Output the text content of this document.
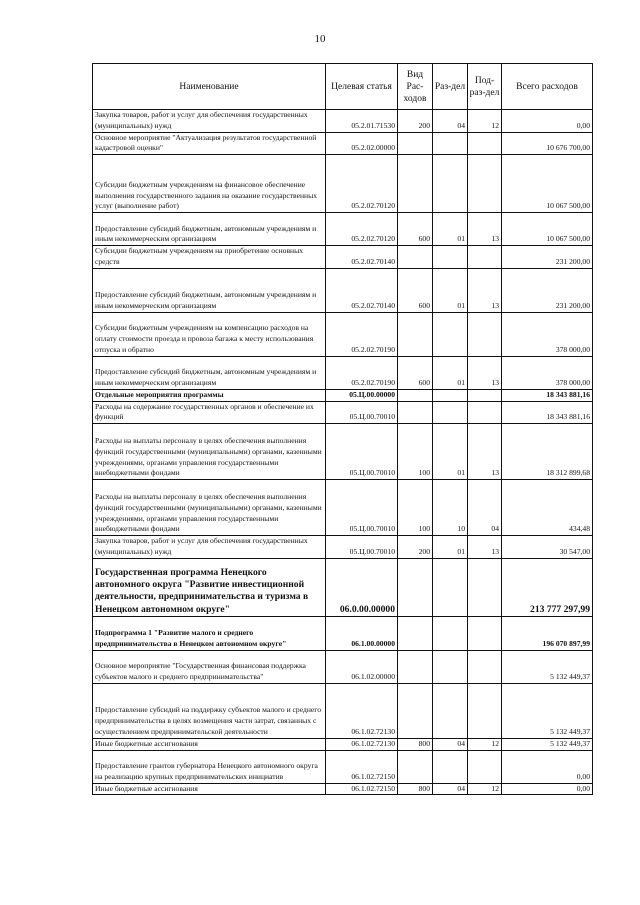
10
Наименование	Целевая статья	Вид Рас-ходов	Раз-дел	Под-раз-дел	Всего расходов
Закупка товаров, работ и услуг для обеспечения государственных (муниципальных) нужд	05.2.01.71530	200	04	12	0,00
Основное мероприятие "Актуализация результатов государственной кадастровой оценки"	05.2.02.00000				10 676 700,00
Субсидии бюджетным учреждениям на финансовое обеспечение выполнения государственного задания на оказание государственных услуг (выполнение работ)	05.2.02.70120				10 067 500,00
Предоставление субсидий бюджетным, автономным учреждениям и иным некоммерческим организациям	05.2.02.70120	600	01	13	10 067 500,00
Субсидии бюджетным учреждениям на приобретение основных средств	05.2.02.70140				231 200,00
Предоставление субсидий бюджетным, автономным учреждениям и иным некоммерческим организациям	05.2.02.70140	600	01	13	231 200,00
Субсидии бюджетным учреждениям на компенсацию расходов на оплату стоимости проезда и провоза багажа к месту использования отпуска и обратно	05.2.02.70190				378 000,00
Предоставление субсидий бюджетным, автономным учреждениям и иным некоммерческим организациям	05.2.02.70190	600	01	13	378 000,00
Отдельные мероприятия программы	05.Ц.00.00000				18 343 881,16
Расходы на содержание государственных органов и обеспечение их функций	05.Ц.00.70010				18 343 881,16
Расходы на выплаты персоналу в целях обеспечения выполнения функций государственными (муниципальными) органами, казенными учреждениями, органами управления государственными внебюджетными фондами	05.Ц.00.70010	100	01	13	18 312 899,68
Расходы на выплаты персоналу в целях обеспечения выполнения функций государственными (муниципальными) органами, казенными учреждениями, органами управления государственными внебюджетными фондами	05.Ц.00.70010	100	10	04	434,48
Закупка товаров, работ и услуг для обеспечения государственных (муниципальных) нужд	05.Ц.00.70010	200	01	13	30 547,00
Государственная программа Ненецкого автономного округа "Развитие инвестиционной деятельности, предпринимательства и туризма в Ненецком автономном округе"	06.0.00.00000				213 777 297,99
Подпрограмма 1 "Развитие малого и среднего предпринимательства в Ненецком автономном округе"	06.1.00.00000				196 070 897,99
Основное мероприятие "Государственная финансовая поддержка субъектов малого и среднего предпринимательства"	06.1.02.00000				5 132 449,37
Предоставление субсидий на поддержку субъектов малого и среднего предпринимательства в целях возмещения части затрат, связанных с осуществлением предпринимательской деятельности	06.1.02.72130				5 132 449,37
Иные бюджетные ассигнования	06.1.02.72130	800	04	12	5 132 449,37
Предоставление грантов губернатора Ненецкого автономного округа на реализацию крупных предпринимательских инициатив	06.1.02.72150				0,00
Иные бюджетные ассигнования	06.1.02.72150	800	04	12	0,00
